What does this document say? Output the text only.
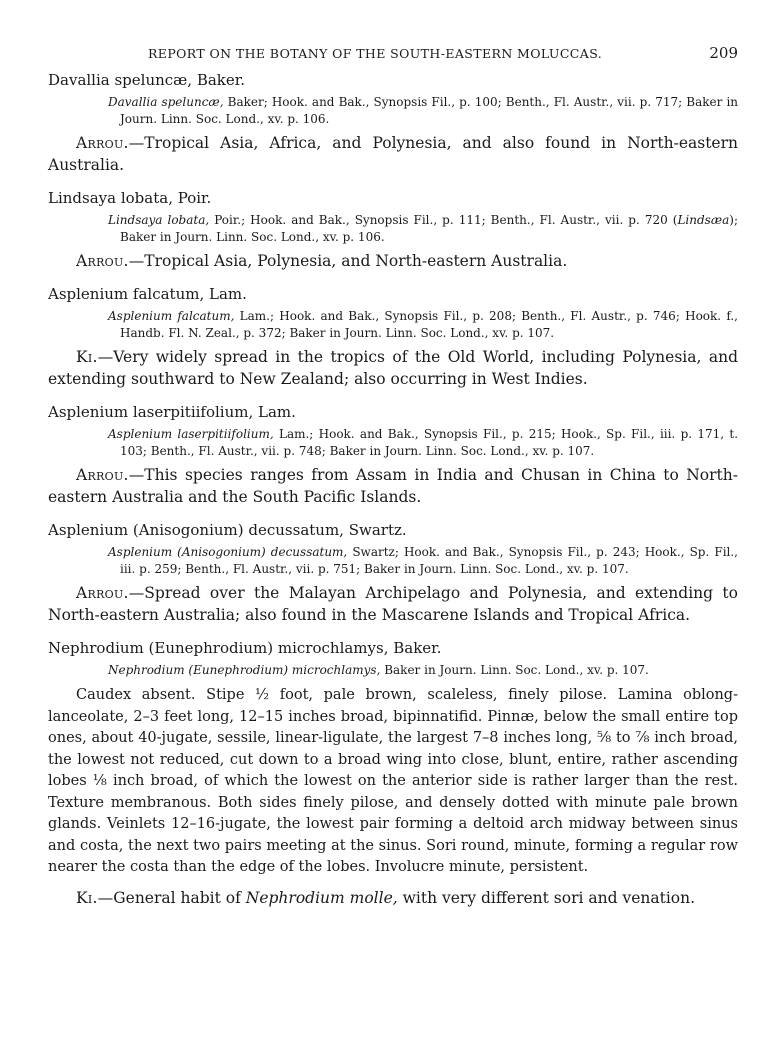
REPORT ON THE BOTANY OF THE SOUTH-EASTERN MOLUCCAS.	209

Davallia speluncæ, Baker.

Davallia speluncæ, Baker; Hook. and Bak., Synopsis Fil., p. 100; Benth., Fl. Austr., vii. p. 717; Baker in Journ. Linn. Soc. Lond., xv. p. 106.

Arrou.—Tropical Asia, Africa, and Polynesia, and also found in North-eastern Australia.

Lindsaya lobata, Poir.

Lindsaya lobata, Poir.; Hook. and Bak., Synopsis Fil., p. 111; Benth., Fl. Austr., vii. p. 720 (Lindsæa); Baker in Journ. Linn. Soc. Lond., xv. p. 106.

Arrou.—Tropical Asia, Polynesia, and North-eastern Australia.

Asplenium falcatum, Lam.

Asplenium falcatum, Lam.; Hook. and Bak., Synopsis Fil., p. 208; Benth., Fl. Austr., p. 746; Hook. f., Handb. Fl. N. Zeal., p. 372; Baker in Journ. Linn. Soc. Lond., xv. p. 107.

Ki.—Very widely spread in the tropics of the Old World, including Polynesia, and extending southward to New Zealand; also occurring in West Indies.

Asplenium laserpitiifolium, Lam.

Asplenium laserpitiifolium, Lam.; Hook. and Bak., Synopsis Fil., p. 215; Hook., Sp. Fil., iii. p. 171, t. 103; Benth., Fl. Austr., vii. p. 748; Baker in Journ. Linn. Soc. Lond., xv. p. 107.

Arrou.—This species ranges from Assam in India and Chusan in China to North-eastern Australia and the South Pacific Islands.

Asplenium (Anisogonium) decussatum, Swartz.

Asplenium (Anisogonium) decussatum, Swartz; Hook. and Bak., Synopsis Fil., p. 243; Hook., Sp. Fil., iii. p. 259; Benth., Fl. Austr., vii. p. 751; Baker in Journ. Linn. Soc. Lond., xv. p. 107.

Arrou.—Spread over the Malayan Archipelago and Polynesia, and extending to North-eastern Australia; also found in the Mascarene Islands and Tropical Africa.

Nephrodium (Eunephrodium) microchlamys, Baker.

Nephrodium (Eunephrodium) microchlamys, Baker in Journ. Linn. Soc. Lond., xv. p. 107.

Caudex absent. Stipe ½ foot, pale brown, scaleless, finely pilose. Lamina oblong-lanceolate, 2–3 feet long, 12–15 inches broad, bipinnatifid. Pinnæ, below the small entire top ones, about 40-jugate, sessile, linear-ligulate, the largest 7–8 inches long, ⅝ to ⅞ inch broad, the lowest not reduced, cut down to a broad wing into close, blunt, entire, rather ascending lobes ⅛ inch broad, of which the lowest on the anterior side is rather larger than the rest. Texture membranous. Both sides finely pilose, and densely dotted with minute pale brown glands. Veinlets 12–16-jugate, the lowest pair forming a deltoid arch midway between sinus and costa, the next two pairs meeting at the sinus. Sori round, minute, forming a regular row nearer the costa than the edge of the lobes. Involucre minute, persistent.

Ki.—General habit of Nephrodium molle, with very different sori and venation.
